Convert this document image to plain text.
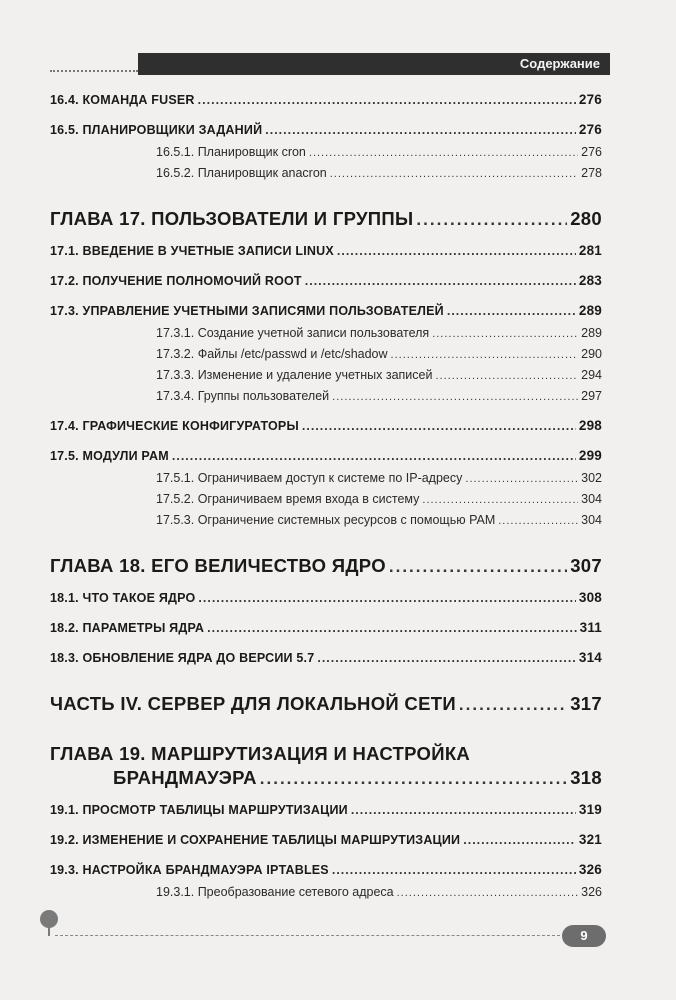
Содержание
16.4. КОМАНДА FUSER .....	276
16.5. ПЛАНИРОВЩИКИ ЗАДАНИЙ .....	276
16.5.1. Планировщик cron .....	276
16.5.2. Планировщик anacron .....	278
ГЛАВА 17. ПОЛЬЗОВАТЕЛИ И ГРУППЫ .....	280
17.1. ВВЕДЕНИЕ В УЧЕТНЫЕ ЗАПИСИ LINUX .....	281
17.2. ПОЛУЧЕНИЕ ПОЛНОМОЧИЙ ROOT .....	283
17.3. УПРАВЛЕНИЕ УЧЕТНЫМИ ЗАПИСЯМИ ПОЛЬЗОВАТЕЛЕЙ .....	289
17.3.1. Создание учетной записи пользователя .....	289
17.3.2. Файлы /etc/passwd и /etc/shadow .....	290
17.3.3. Изменение и удаление учетных записей .....	294
17.3.4. Группы пользователей .....	297
17.4. ГРАФИЧЕСКИЕ КОНФИГУРАТОРЫ .....	298
17.5. МОДУЛИ PAM .....	299
17.5.1. Ограничиваем доступ к системе по IP-адресу .....	302
17.5.2. Ограничиваем время входа в систему .....	304
17.5.3. Ограничение системных ресурсов с помощью PAM .....	304
ГЛАВА 18. ЕГО ВЕЛИЧЕСТВО ЯДРО .....	307
18.1. ЧТО ТАКОЕ ЯДРО .....	308
18.2. ПАРАМЕТРЫ ЯДРА .....	311
18.3. ОБНОВЛЕНИЕ ЯДРА ДО ВЕРСИИ 5.7 .....	314
ЧАСТЬ IV. СЕРВЕР ДЛЯ ЛОКАЛЬНОЙ СЕТИ .....	317
ГЛАВА 19. МАРШРУТИЗАЦИЯ И НАСТРОЙКА
БРАНДМАУЭРА .....	318
19.1. ПРОСМОТР ТАБЛИЦЫ МАРШРУТИЗАЦИИ .....	319
19.2. ИЗМЕНЕНИЕ И СОХРАНЕНИЕ ТАБЛИЦЫ МАРШРУТИЗАЦИИ .....	321
19.3. НАСТРОЙКА БРАНДМАУЭРА IPTABLES .....	326
19.3.1. Преобразование сетевого адреса .....	326
9
